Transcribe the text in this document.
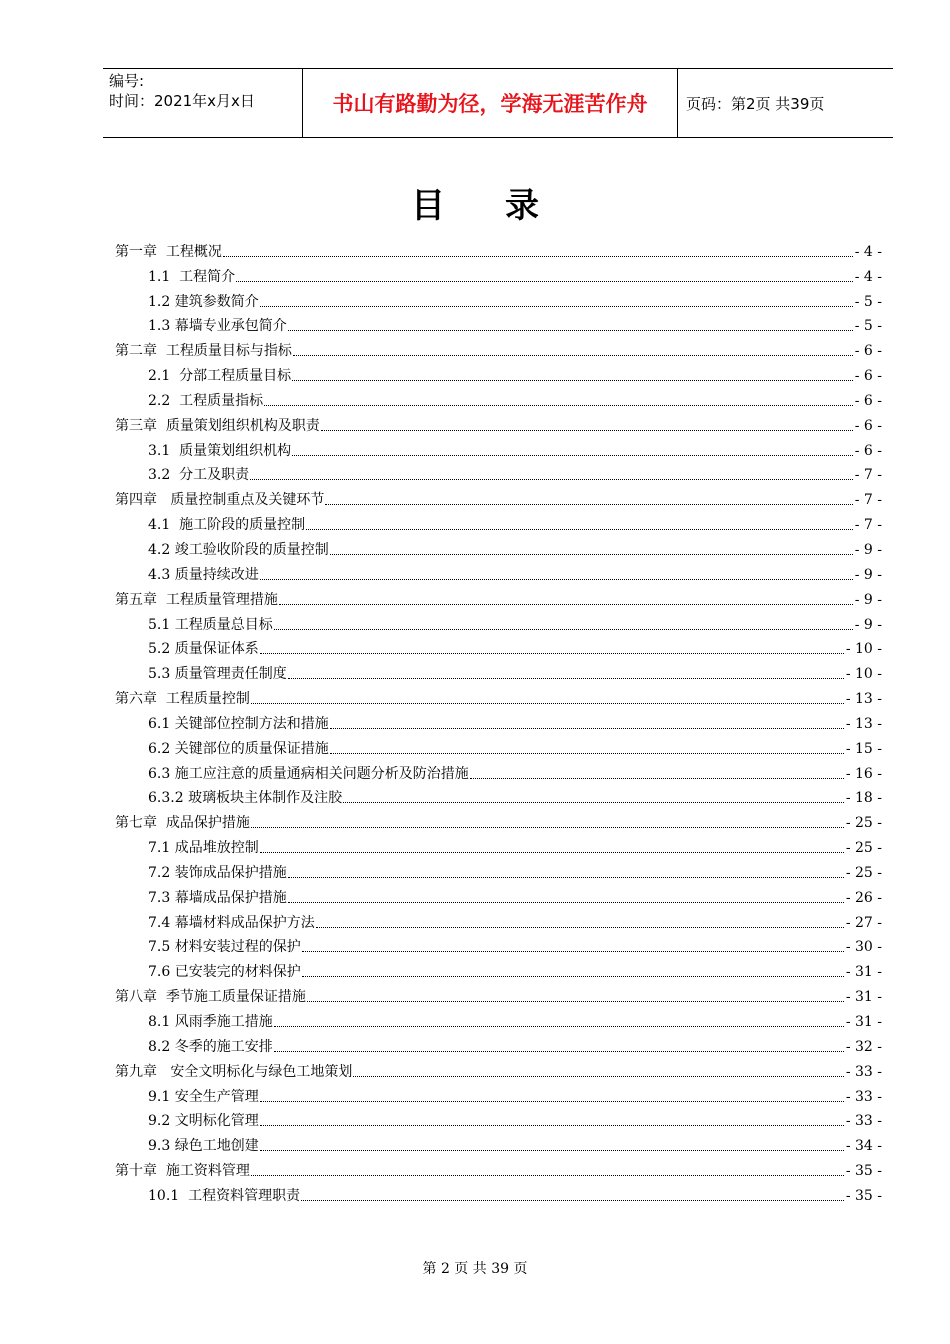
编号:
时间：2021年x月x日	书山有路勤为径，学海无涯苦作舟	页码：第2页 共39页
目录
第一章  工程概况	- 4 -
1.1  工程简介	- 4 -
1.2 建筑参数简介	- 5 -
1.3 幕墙专业承包简介	- 5 -
第二章  工程质量目标与指标	- 6 -
2.1  分部工程质量目标	- 6 -
2.2  工程质量指标	- 6 -
第三章  质量策划组织机构及职责	- 6 -
3.1  质量策划组织机构	- 6 -
3.2  分工及职责	- 7 -
第四章   质量控制重点及关键环节	- 7 -
4.1  施工阶段的质量控制	- 7 -
4.2 竣工验收阶段的质量控制	- 9 -
4.3 质量持续改进	- 9 -
第五章  工程质量管理措施	- 9 -
5.1 工程质量总目标	- 9 -
5.2 质量保证体系	- 10 -
5.3 质量管理责任制度	- 10 -
第六章  工程质量控制	- 13 -
6.1 关键部位控制方法和措施	- 13 -
6.2 关键部位的质量保证措施	- 15 -
6.3 施工应注意的质量通病相关问题分析及防治措施	- 16 -
6.3.2 玻璃板块主体制作及注胶	- 18 -
第七章  成品保护措施	- 25 -
7.1 成品堆放控制	- 25 -
7.2 装饰成品保护措施	- 25 -
7.3 幕墙成品保护措施	- 26 -
7.4 幕墙材料成品保护方法	- 27 -
7.5 材料安装过程的保护	- 30 -
7.6 已安装完的材料保护	- 31 -
第八章  季节施工质量保证措施	- 31 -
8.1 风雨季施工措施	- 31 -
8.2 冬季的施工安排	- 32 -
第九章   安全文明标化与绿色工地策划	- 33 -
9.1 安全生产管理	- 33 -
9.2 文明标化管理	- 33 -
9.3 绿色工地创建	- 34 -
第十章  施工资料管理	- 35 -
10.1  工程资料管理职责	- 35 -
第 2 页 共 39 页
